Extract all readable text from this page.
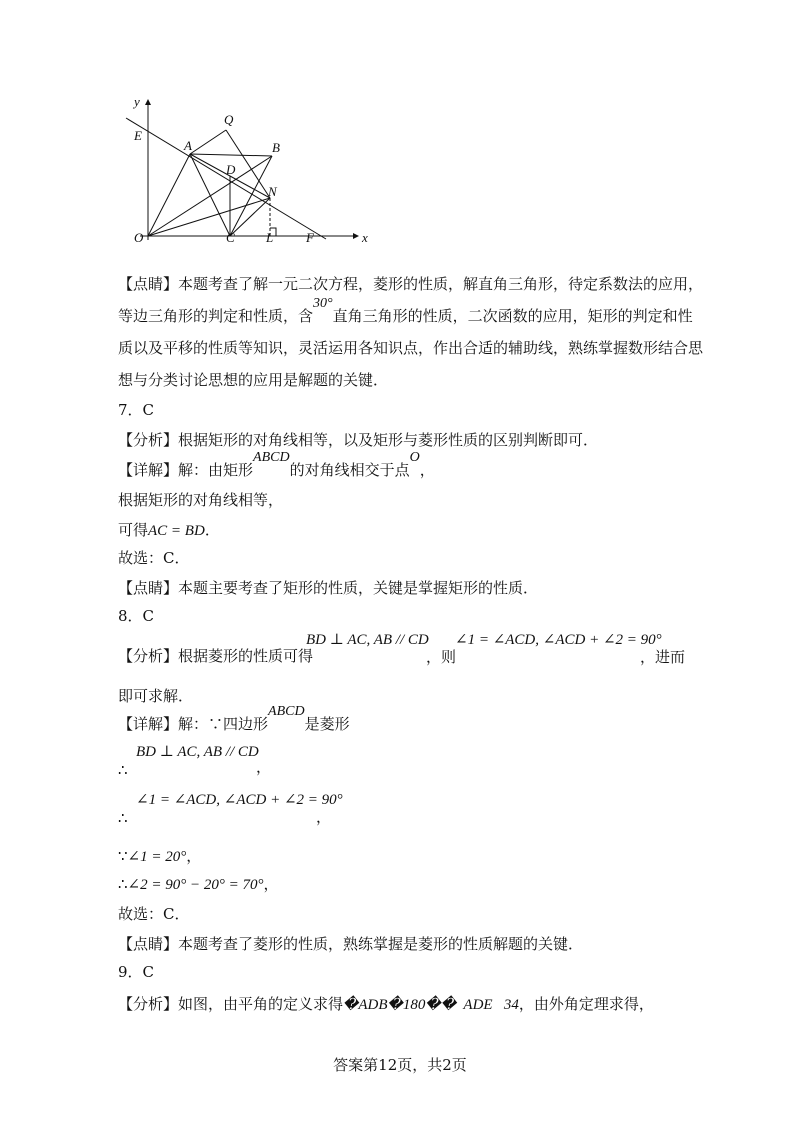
y
E
Q
A	B
D
N
O	C L	F	x
【点睛】本题考查了解一元二次方程，菱形的性质，解直角三角形，待定系数法的应用，
等边三角形的判定和性质，含30°直角三角形的性质，二次函数的应用，矩形的判定和性
质以及平移的性质等知识，灵活运用各知识点，作出合适的辅助线，熟练掌握数形结合思
想与分类讨论思想的应用是解题的关键．
7．C
【分析】根据矩形的对角线相等，以及矩形与菱形性质的区别判断即可．
【详解】解：由矩形ABCD的对角线相交于点O，
根据矩形的对角线相等，
可得AC = BD．
故选：C．
【点睛】本题主要考查了矩形的性质，关键是掌握矩形的性质．
8．C
【分析】根据菱形的性质可得
BD ⊥ AC, AB // CD
，则
∠1 = ∠ACD, ∠ACD + ∠2 = 90°
，进而
即可求解．
【详解】解：∵四边形ABCD是菱形
∴
BD ⊥ AC, AB // CD
，
∴
∠1 = ∠ACD, ∠ACD + ∠2 = 90°
，
∵∠1 = 20°，
∴∠2 = 90° − 20° = 70°，
故选：C．
【点睛】本题考查了菱形的性质，熟练掌握是菱形的性质解题的关键．
9．C
【分析】如图，由平角的定义求得�ADB�180��  ADE   34，由外角定理求得，
答案第12页，共2页
